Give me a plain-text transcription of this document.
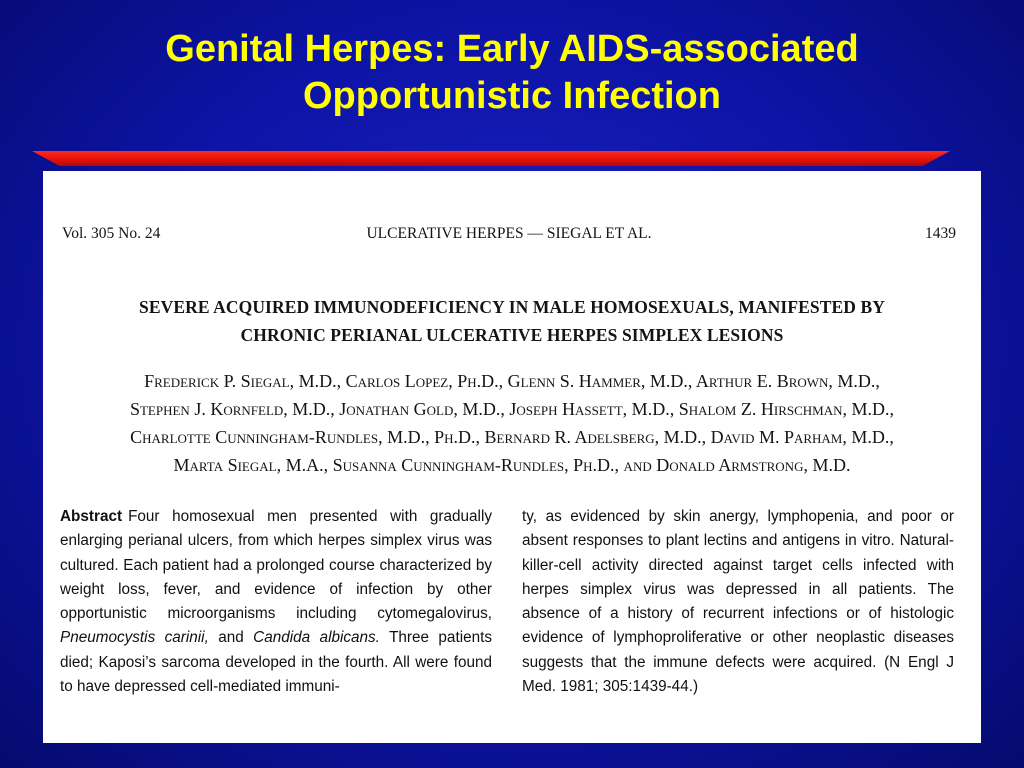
Genital Herpes: Early AIDS-associated
Opportunistic Infection
Vol. 305 No. 24	ULCERATIVE HERPES — SIEGAL ET AL.	1439
SEVERE ACQUIRED IMMUNODEFICIENCY IN MALE HOMOSEXUALS, MANIFESTED BY
CHRONIC PERIANAL ULCERATIVE HERPES SIMPLEX LESIONS

Frederick P. Siegal, M.D., Carlos Lopez, Ph.D., Glenn S. Hammer, M.D., Arthur E. Brown, M.D.,
Stephen J. Kornfeld, M.D., Jonathan Gold, M.D., Joseph Hassett, M.D., Shalom Z. Hirschman, M.D.,
Charlotte Cunningham-Rundles, M.D., Ph.D., Bernard R. Adelsberg, M.D., David M. Parham, M.D.,
Marta Siegal, M.A., Susanna Cunningham-Rundles, Ph.D., and Donald Armstrong, M.D.

Abstract Four homosexual men presented with gradually enlarging perianal ulcers, from which herpes simplex virus was cultured. Each patient had a prolonged course characterized by weight loss, fever, and evidence of infection by other opportunistic microorganisms including cytomegalovirus, Pneumocystis carinii, and Candida albicans. Three patients died; Kaposi’s sarcoma developed in the fourth. All were found to have depressed cell-mediated immuni-
ty, as evidenced by skin anergy, lymphopenia, and poor or absent responses to plant lectins and antigens in vitro. Natural-killer-cell activity directed against target cells infected with herpes simplex virus was depressed in all patients. The absence of a history of recurrent infections or of histologic evidence of lymphoproliferative or other neoplastic diseases suggests that the immune defects were acquired. (N Engl J Med. 1981; 305:1439-44.)
